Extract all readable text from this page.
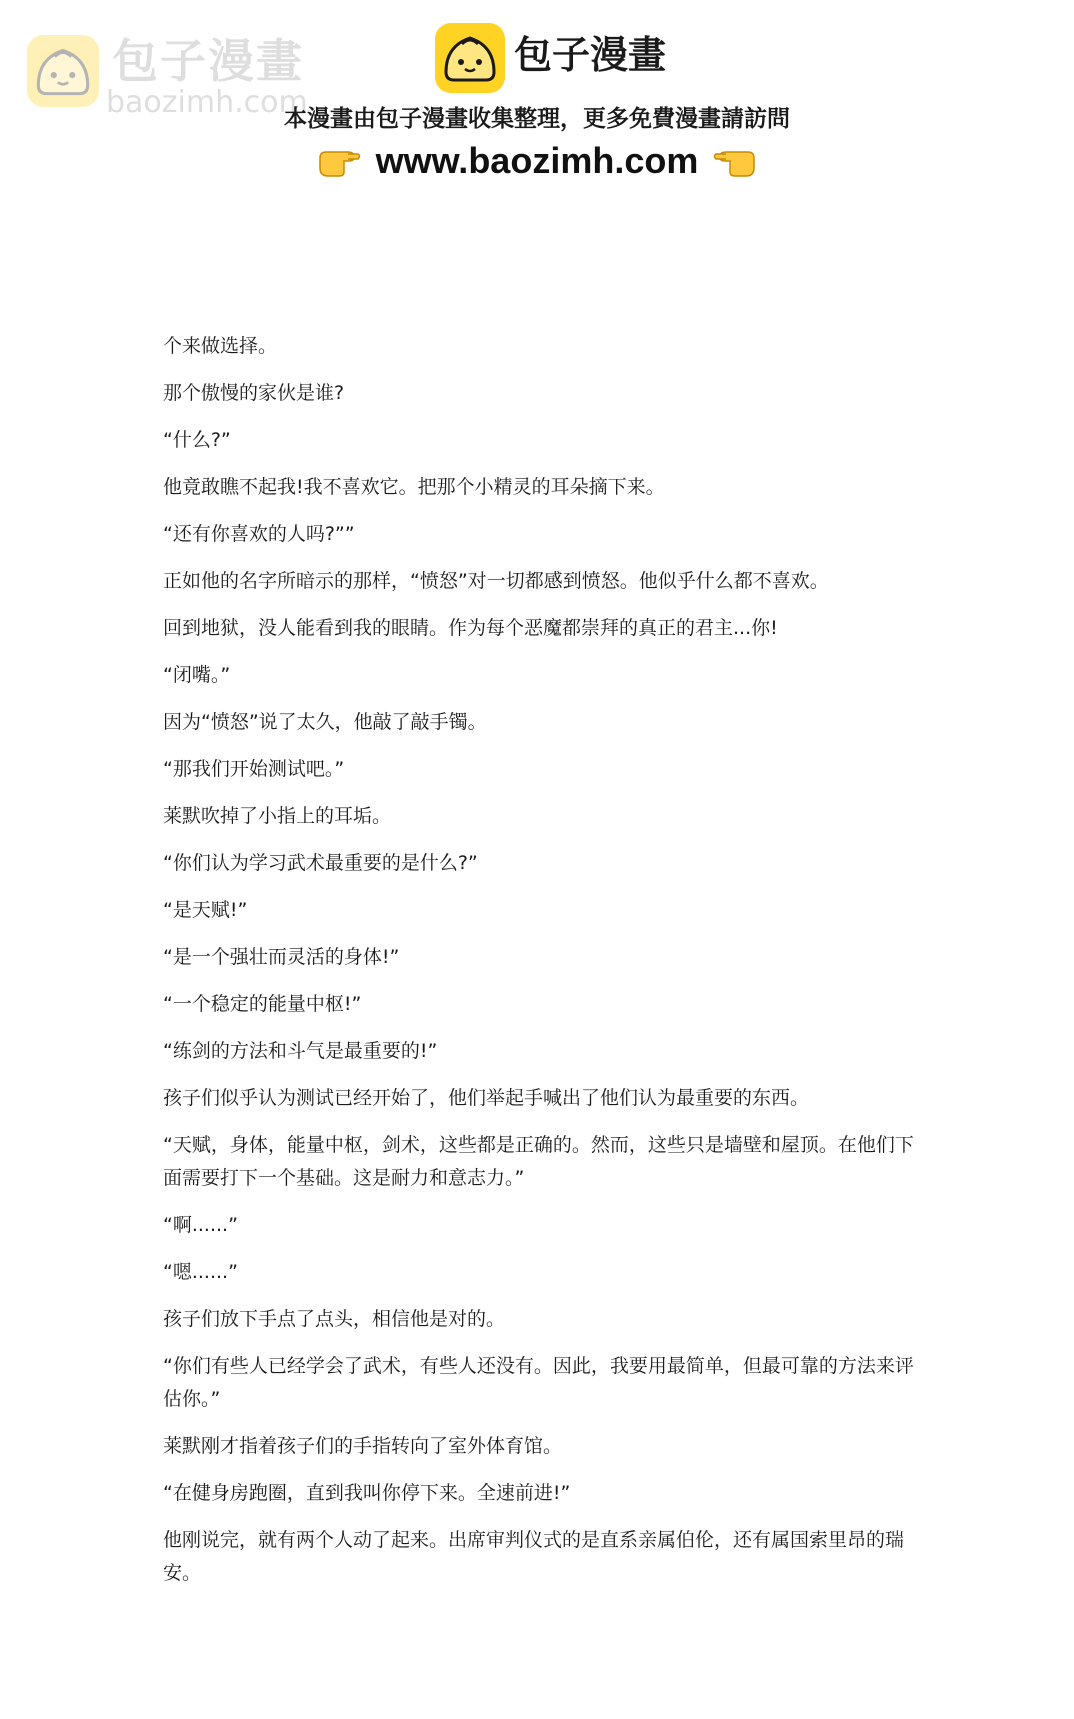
包子漫畫
baozimh.com
包子漫畫
本漫畫由包子漫畫收集整理，更多免費漫畫請訪問
www.baozimh.com

个来做选择。

那个傲慢的家伙是谁?

“什么?”

他竟敢瞧不起我!我不喜欢它。把那个小精灵的耳朵摘下来。

“还有你喜欢的人吗?””

正如他的名字所暗示的那样，“愤怒”对一切都感到愤怒。他似乎什么都不喜欢。

回到地狱，没人能看到我的眼睛。作为每个恶魔都崇拜的真正的君主...你!

“闭嘴。”

因为“愤怒”说了太久，他敲了敲手镯。

“那我们开始测试吧。”

莱默吹掉了小指上的耳垢。

“你们认为学习武术最重要的是什么?”

“是天赋!”

“是一个强壮而灵活的身体!”

“一个稳定的能量中枢!”

“练剑的方法和斗气是最重要的!”

孩子们似乎认为测试已经开始了，他们举起手喊出了他们认为最重要的东西。

“天赋，身体，能量中枢，剑术，这些都是正确的。然而，这些只是墙壁和屋顶。在他们下面需要打下一个基础。这是耐力和意志力。”

“啊......”

“嗯......”

孩子们放下手点了点头，相信他是对的。

“你们有些人已经学会了武术，有些人还没有。因此，我要用最简单，但最可靠的方法来评估你。”

莱默刚才指着孩子们的手指转向了室外体育馆。

“在健身房跑圈，直到我叫你停下来。全速前进!”

他刚说完，就有两个人动了起来。出席审判仪式的是直系亲属伯伦，还有属国索里昂的瑞安。
